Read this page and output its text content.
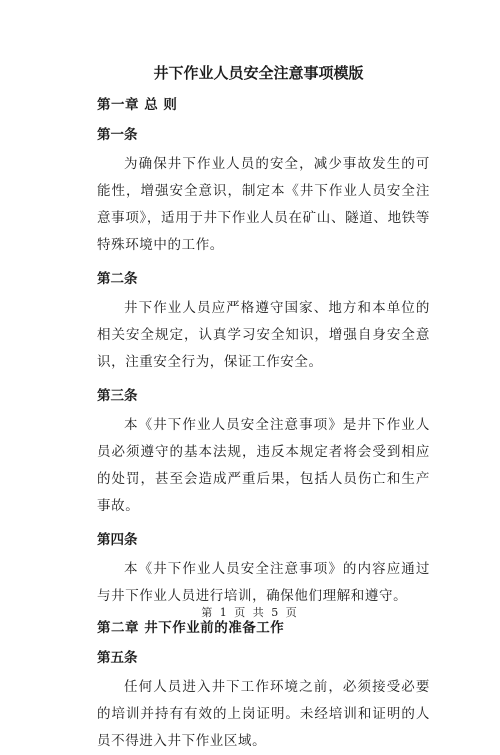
井下作业人员安全注意事项模版
第一章 总 则
第一条

为确保井下作业人员的安全，减少事故发生的可能性，增强安全意识，制定本《井下作业人员安全注意事项》，适用于井下作业人员在矿山、隧道、地铁等特殊环境中的工作。

第二条

井下作业人员应严格遵守国家、地方和本单位的相关安全规定，认真学习安全知识，增强自身安全意识，注重安全行为，保证工作安全。

第三条

本《井下作业人员安全注意事项》是井下作业人员必须遵守的基本法规，违反本规定者将会受到相应的处罚，甚至会造成严重后果，包括人员伤亡和生产事故。

第四条

本《井下作业人员安全注意事项》的内容应通过与井下作业人员进行培训，确保他们理解和遵守。

第二章 井下作业前的准备工作
第五条

任何人员进入井下工作环境之前，必须接受必要的培训并持有有效的上岗证明。未经培训和证明的人员不得进入井下作业区域。

第 1 页 共 5 页
